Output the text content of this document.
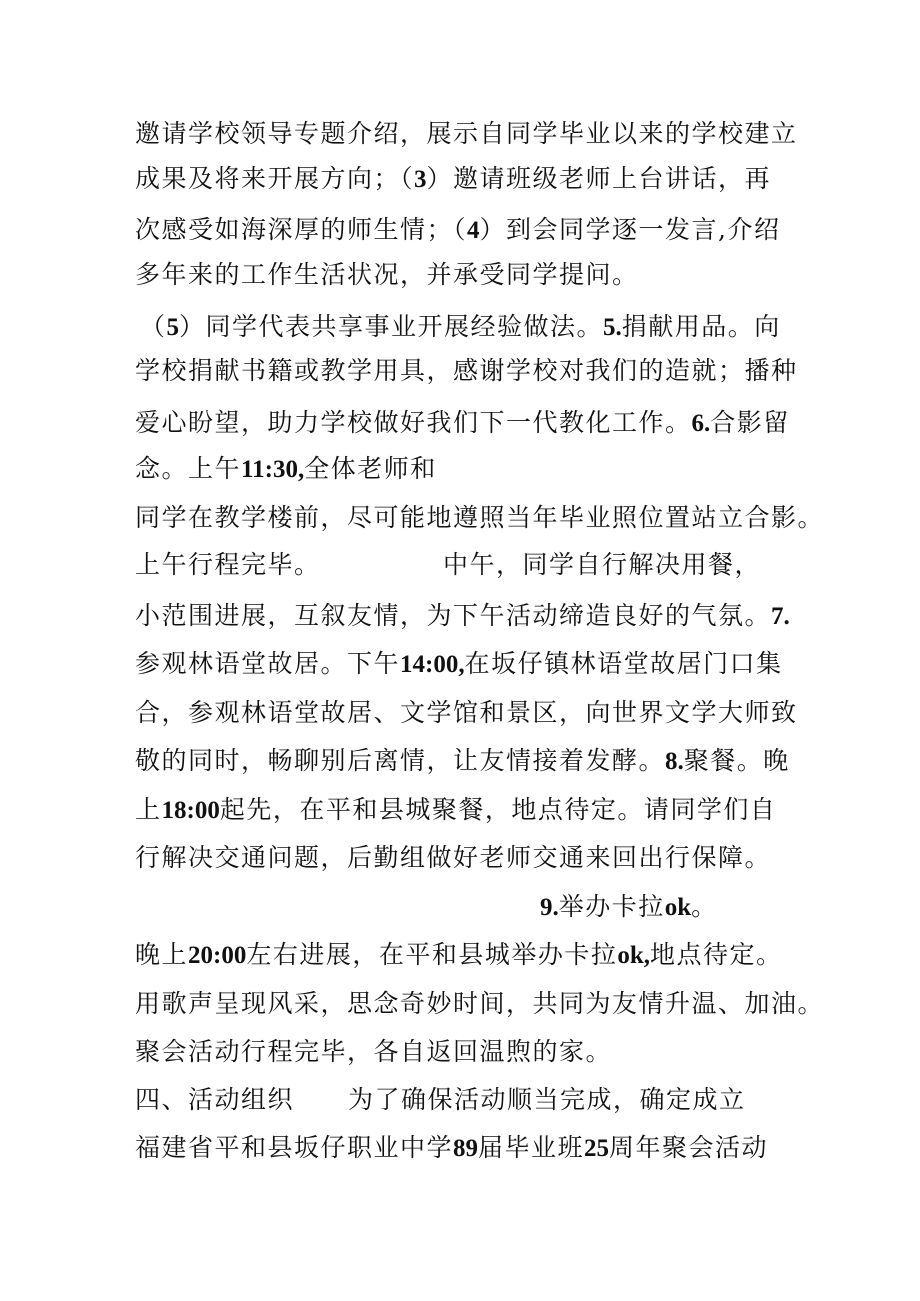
邀请学校领导专题介绍，展示自同学毕业以来的学校建立
成果及将来开展方向；（3）邀请班级老师上台讲话，再
次感受如海深厚的师生情；（4）到会同学逐一发言,介绍
多年来的工作生活状况，并承受同学提问。
（5）同学代表共享事业开展经验做法。5.捐献用品。向
学校捐献书籍或教学用具，感谢学校对我们的造就；播种
爱心盼望，助力学校做好我们下一代教化工作。6.合影留
念。上午11:30,全体老师和
同学在教学楼前，尽可能地遵照当年毕业照位置站立合影。
上午行程完毕。	中午，同学自行解决用餐，
小范围进展，互叙友情，为下午活动缔造良好的气氛。7.
参观林语堂故居。下午14:00,在坂仔镇林语堂故居门口集
合，参观林语堂故居、文学馆和景区，向世界文学大师致
敬的同时，畅聊别后离情，让友情接着发酵。8.聚餐。晚
上18:00起先，在平和县城聚餐，地点待定。请同学们自
行解决交通问题，后勤组做好老师交通来回出行保障。
9.举办卡拉ok。
晚上20:00左右进展，在平和县城举办卡拉ok,地点待定。
用歌声呈现风采，思念奇妙时间，共同为友情升温、加油。
聚会活动行程完毕，各自返回温煦的家。
四、活动组织 为了确保活动顺当完成，确定成立
福建省平和县坂仔职业中学89届毕业班25周年聚会活动
